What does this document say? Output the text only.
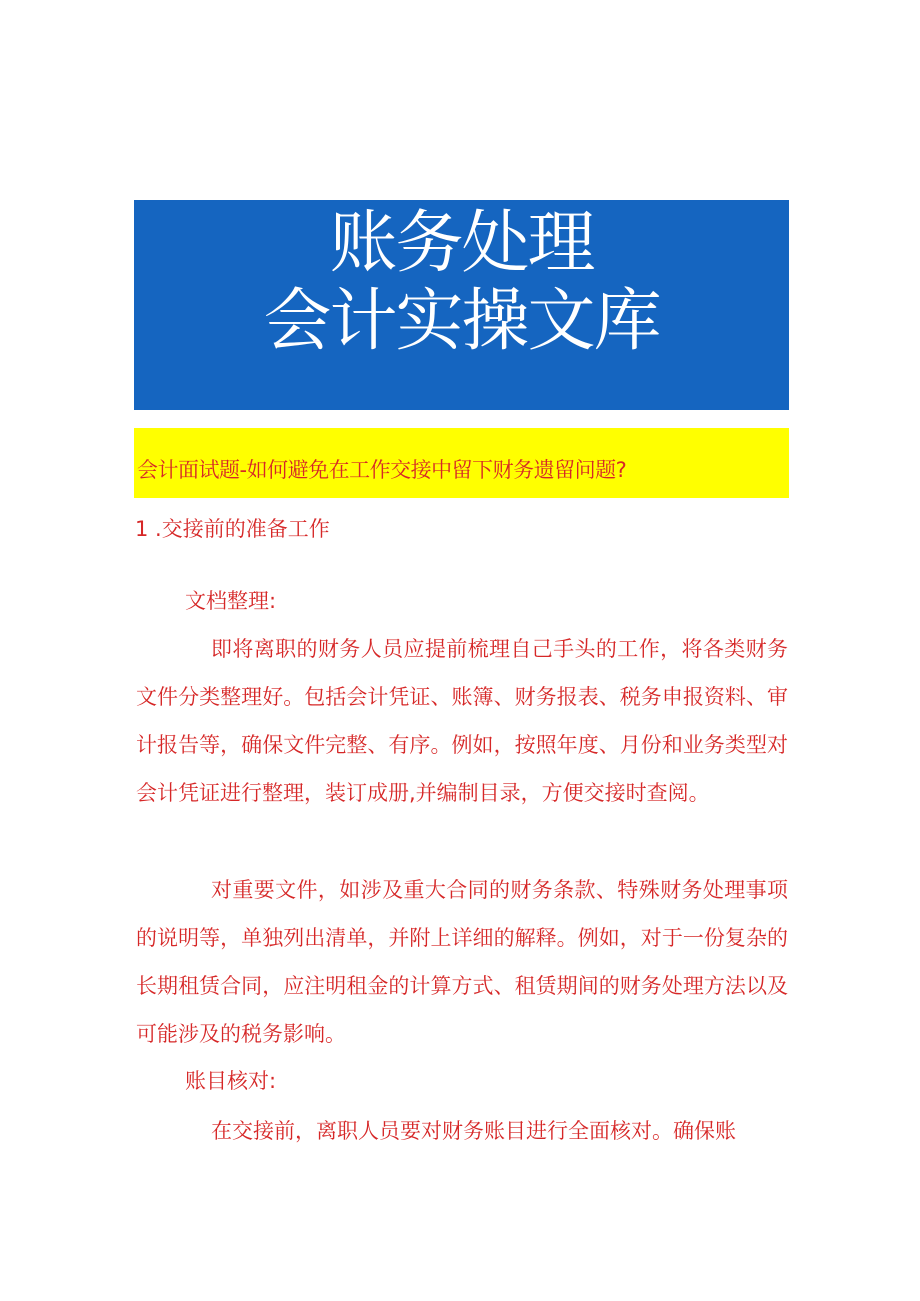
账务处理
会计实操文库
会计面试题-如何避免在工作交接中留下财务遗留问题?
1 .交接前的准备工作
文档整理:

即将离职的财务人员应提前梳理自己手头的工作，将各类财务文件分类整理好。包括会计凭证、账簿、财务报表、税务申报资料、审计报告等，确保文件完整、有序。例如，按照年度、月份和业务类型对会计凭证进行整理，装订成册,并编制目录，方便交接时查阅。

对重要文件，如涉及重大合同的财务条款、特殊财务处理事项的说明等，单独列出清单，并附上详细的解释。例如，对于一份复杂的长期租赁合同，应注明租金的计算方式、租赁期间的财务处理方法以及可能涉及的税务影响。

账目核对:

在交接前，离职人员要对财务账目进行全面核对。确保账
